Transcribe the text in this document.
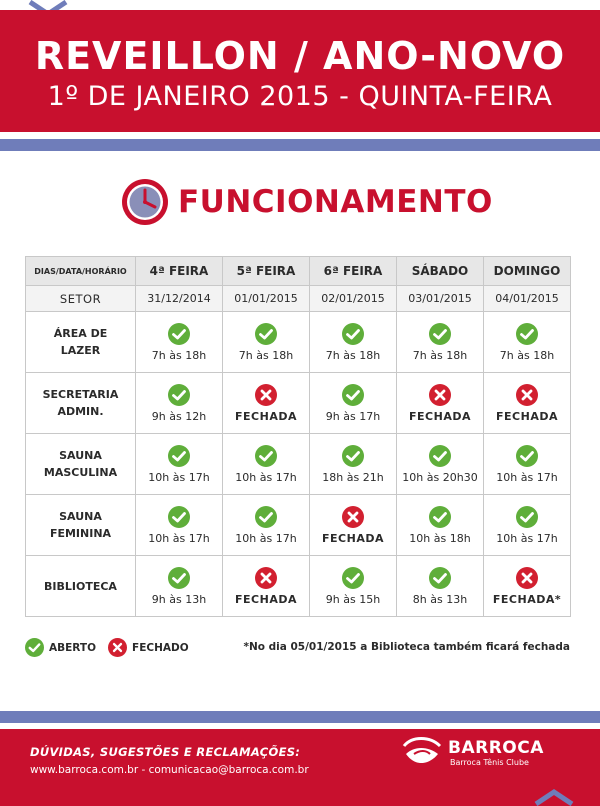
REVEILLON / ANO-NOVO
1º DE JANEIRO 2015 - QUINTA-FEIRA
FUNCIONAMENTO
DIAS/DATA/HORÁRIO	4ª FEIRA	5ª FEIRA	6ª FEIRA	SÁBADO	DOMINGO
SETOR	31/12/2014	01/01/2015	02/01/2015	03/01/2015	04/01/2015
ÁREA DE
LAZER	7h às 18h	7h às 18h	7h às 18h	7h às 18h	7h às 18h
SECRETARIA
ADMIN.	9h às 12h	FECHADA	9h às 17h	FECHADA	FECHADA
SAUNA
MASCULINA	10h às 17h	10h às 17h	18h às 21h	10h às 20h30	10h às 17h
SAUNA
FEMININA	10h às 17h	10h às 17h	FECHADA	10h às 18h	10h às 17h
BIBLIOTECA	9h às 13h	FECHADA	9h às 15h	8h às 13h	FECHADA*
ABERTO	FECHADO	*No dia 05/01/2015 a Biblioteca também ficará fechada
DÚVIDAS, SUGESTÕES E RECLAMAÇÕES:
www.barroca.com.br - comunicacao@barroca.com.br
BARROCA
Barroca Tênis Clube
